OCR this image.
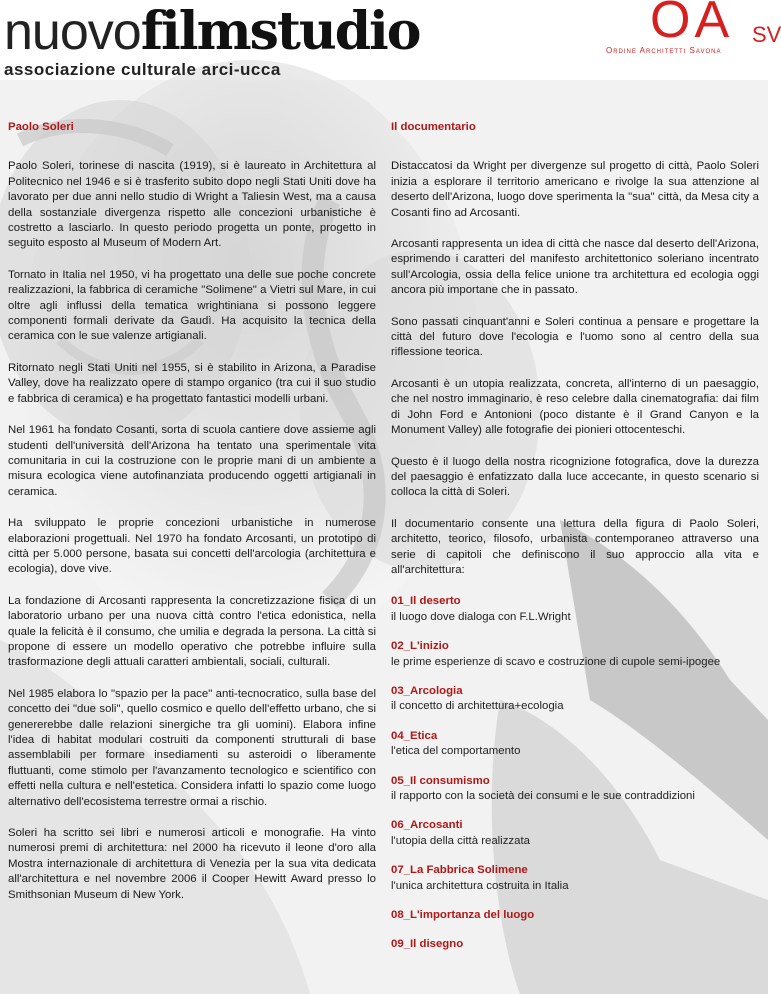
nuovofilmstudio
associazione culturale arci-ucca
OA SV
Ordine Architetti Savona
Paolo Soleri

Paolo Soleri, torinese di nascita (1919), si è laureato in Architettura al Politecnico nel 1946 e si è trasferito subito dopo negli Stati Uniti dove ha lavorato per due anni nello studio di Wright a Taliesin West, ma a causa della sostanziale divergenza rispetto alle concezioni urbanistiche è costretto a lasciarlo. In questo periodo progetta un ponte, progetto in seguito esposto al Museum of Modern Art.

Tornato in Italia nel 1950, vi ha progettato una delle sue poche concrete realizzazioni, la fabbrica di ceramiche "Solimene" a Vietri sul Mare, in cui oltre agli influssi della tematica wrightiniana si possono leggere componenti formali derivate da Gaudì. Ha acquisito la tecnica della ceramica con le sue valenze artigianali.

Ritornato negli Stati Uniti nel 1955, si è stabilito in Arizona, a Paradise Valley, dove ha realizzato opere di stampo organico (tra cui il suo studio e fabbrica di ceramica) e ha progettato fantastici modelli urbani.

Nel 1961 ha fondato Cosanti, sorta di scuola cantiere dove assieme agli studenti dell'università dell'Arizona ha tentato una sperimentale vita comunitaria in cui la costruzione con le proprie mani di un ambiente a misura ecologica viene autofinanziata producendo oggetti artigianali in ceramica.

Ha sviluppato le proprie concezioni urbanistiche in numerose elaborazioni progettuali. Nel 1970 ha fondato Arcosanti, un prototipo di città per 5.000 persone, basata sui concetti dell'arcologia (architettura e ecologia), dove vive.

La fondazione di Arcosanti rappresenta la concretizzazione fisica di un laboratorio urbano per una nuova città contro l'etica edonistica, nella quale la felicità è il consumo, che umilia e degrada la persona. La città si propone di essere un modello operativo che potrebbe influire sulla trasformazione degli attuali caratteri ambientali, sociali, culturali.

Nel 1985 elabora lo "spazio per la pace" anti-tecnocratico, sulla base del concetto dei "due soli", quello cosmico e quello dell'effetto urbano, che si genererebbe dalle relazioni sinergiche tra gli uomini). Elabora infine l'idea di habitat modulari costruiti da componenti strutturali di base assemblabili per formare insediamenti su asteroidi o liberamente fluttuanti, come stimolo per l'avanzamento tecnologico e scientifico con effetti nella cultura e nell'estetica. Considera infatti lo spazio come luogo alternativo dell'ecosistema terrestre ormai a rischio.

Soleri ha scritto sei libri e numerosi articoli e monografie. Ha vinto numerosi premi di architettura: nel 2000 ha ricevuto il leone d'oro alla Mostra internazionale di architettura di Venezia per la sua vita dedicata all'architettura e nel novembre 2006 il Cooper Hewitt Award presso lo Smithsonian Museum di New York.

Il documentario

Distaccatosi da Wright per divergenze sul progetto di città, Paolo Soleri inizia a esplorare il territorio americano e rivolge la sua attenzione al deserto dell'Arizona, luogo dove sperimenta la "sua" città, da Mesa city a Cosanti fino ad Arcosanti.

Arcosanti rappresenta un idea di città che nasce dal deserto dell'Arizona, esprimendo i caratteri del manifesto architettonico soleriano incentrato sull'Arcologia, ossia della felice unione tra architettura ed ecologia oggi ancora più importane che in passato.

Sono passati cinquant'anni e Soleri continua a pensare e progettare la città del futuro dove l'ecologia e l'uomo sono al centro della sua riflessione teorica.

Arcosanti è un utopia realizzata, concreta, all'interno di un paesaggio, che nel nostro immaginario, è reso celebre dalla cinematografia: dai film di John Ford e Antonioni (poco distante è il Grand Canyon e la Monument Valley) alle fotografie dei pionieri ottocenteschi.

Questo è il luogo della nostra ricognizione fotografica, dove la durezza del paesaggio è enfatizzato dalla luce accecante, in questo scenario si colloca la città di Soleri.

Il documentario consente una lettura della figura di Paolo Soleri, architetto, teorico, filosofo, urbanista contemporaneo attraverso una serie di capitoli che definiscono il suo approccio alla vita e all'architettura:

01_Il deserto
il luogo dove dialoga con F.L.Wright
02_L'inizio
le prime esperienze di scavo e costruzione di cupole semi-ipogee
03_Arcologia
il concetto di architettura+ecologia
04_Etica
l'etica del comportamento
05_Il consumismo
il rapporto con la società dei consumi e le sue contraddizioni
06_Arcosanti
l'utopia della città realizzata
07_La Fabbrica Solimene
l'unica architettura costruita in Italia
08_L'importanza del luogo
09_Il disegno
